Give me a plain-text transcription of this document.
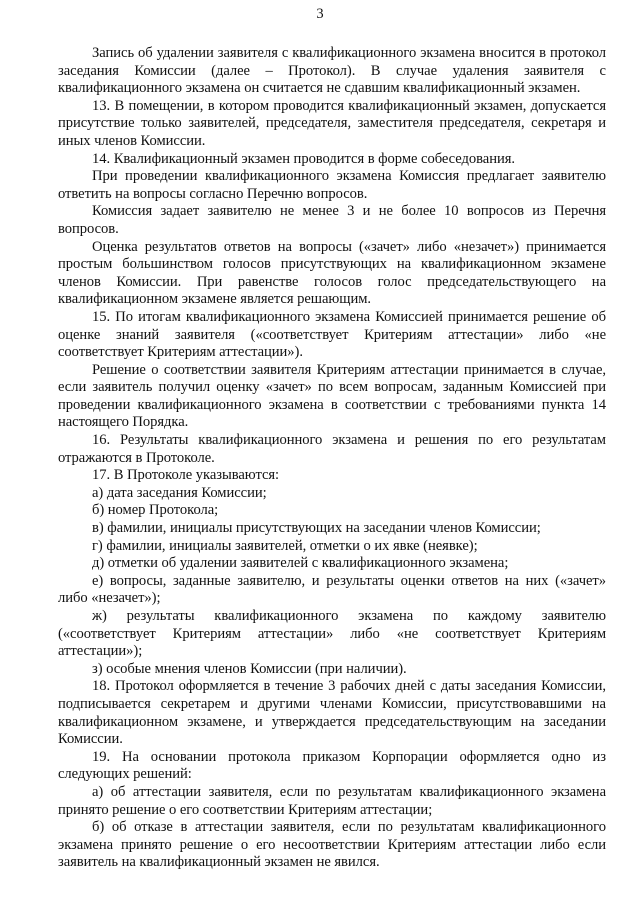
3

Запись об удалении заявителя с квалификационного экзамена вносится в протокол заседания Комиссии (далее – Протокол). В случае удаления заявителя с квалификационного экзамена он считается не сдавшим квалификационный экзамен.

13. В помещении, в котором проводится квалификационный экзамен, допускается присутствие только заявителей, председателя, заместителя председателя, секретаря и иных членов Комиссии.

14. Квалификационный экзамен проводится в форме собеседования.

При проведении квалификационного экзамена Комиссия предлагает заявителю ответить на вопросы согласно Перечню вопросов.

Комиссия задает заявителю не менее 3 и не более 10 вопросов из Перечня вопросов.

Оценка результатов ответов на вопросы («зачет» либо «незачет») принимается простым большинством голосов присутствующих на квалификационном экзамене членов Комиссии. При равенстве голосов голос председательствующего на квалификационном экзамене является решающим.

15. По итогам квалификационного экзамена Комиссией принимается решение об оценке знаний заявителя («соответствует Критериям аттестации» либо «не соответствует Критериям аттестации»).

Решение о соответствии заявителя Критериям аттестации принимается в случае, если заявитель получил оценку «зачет» по всем вопросам, заданным Комиссией при проведении квалификационного экзамена в соответствии с требованиями пункта 14 настоящего Порядка.

16. Результаты квалификационного экзамена и решения по его результатам отражаются в Протоколе.

17. В Протоколе указываются:

а) дата заседания Комиссии;

б) номер Протокола;

в) фамилии, инициалы присутствующих на заседании членов Комиссии;

г) фамилии, инициалы заявителей, отметки о их явке (неявке);

д) отметки об удалении заявителей с квалификационного экзамена;

е) вопросы, заданные заявителю, и результаты оценки ответов на них («зачет» либо «незачет»);

ж) результаты квалификационного экзамена по каждому заявителю («соответствует Критериям аттестации» либо «не соответствует Критериям аттестации»);

з) особые мнения членов Комиссии (при наличии).

18. Протокол оформляется в течение 3 рабочих дней с даты заседания Комиссии, подписывается секретарем и другими членами Комиссии, присутствовавшими на квалификационном экзамене, и утверждается председательствующим на заседании Комиссии.

19. На основании протокола приказом Корпорации оформляется одно из следующих решений:

а) об аттестации заявителя, если по результатам квалификационного экзамена принято решение о его соответствии Критериям аттестации;

б) об отказе в аттестации заявителя, если по результатам квалификационного экзамена принято решение о его несоответствии Критериям аттестации либо если заявитель на квалификационный экзамен не явился.
